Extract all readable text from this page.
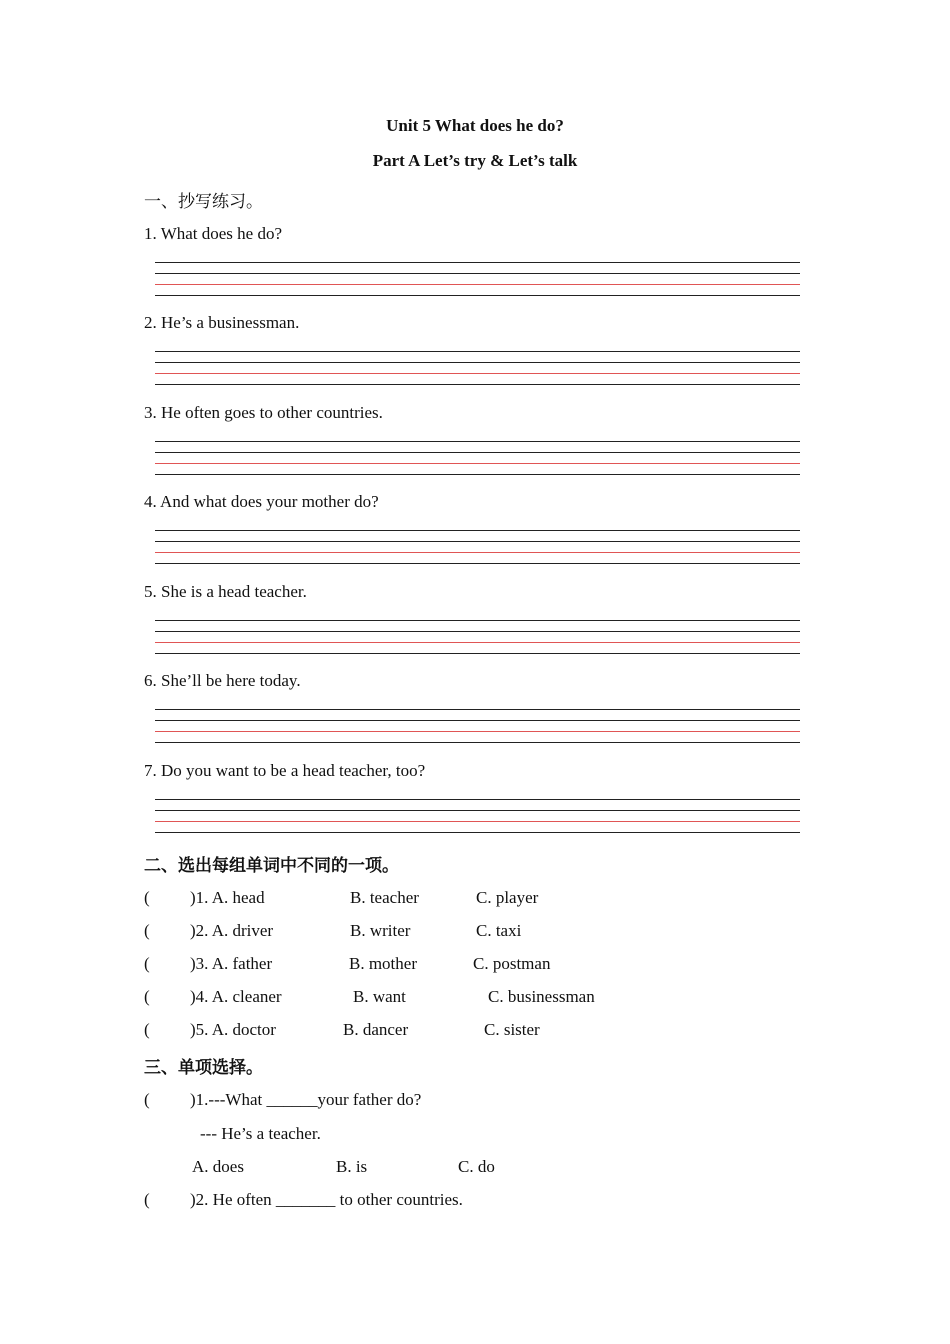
Unit 5 What does he do?
Part A Let’s try & Let’s talk
一、抄写练习。
1. What does he do?
2. He’s a businessman.
3. He often goes to other countries.
4. And what does your mother do?
5. She is a head teacher.
6. She’ll be here today.
7. Do you want to be a head teacher, too?
二、选出每组单词中不同的一项。
( )1. A. head	B. teacher	C. player
( )2. A. driver	B. writer	C. taxi
( )3. A. father	B. mother	C. postman
( )4. A. cleaner	B. want	C. businessman
( )5. A. doctor	B. dancer	C. sister
三、单项选择。
( )1.---What ______your father do?
--- He’s a teacher.
A. does	B. is	C. do
( )2. He often _______ to other countries.
